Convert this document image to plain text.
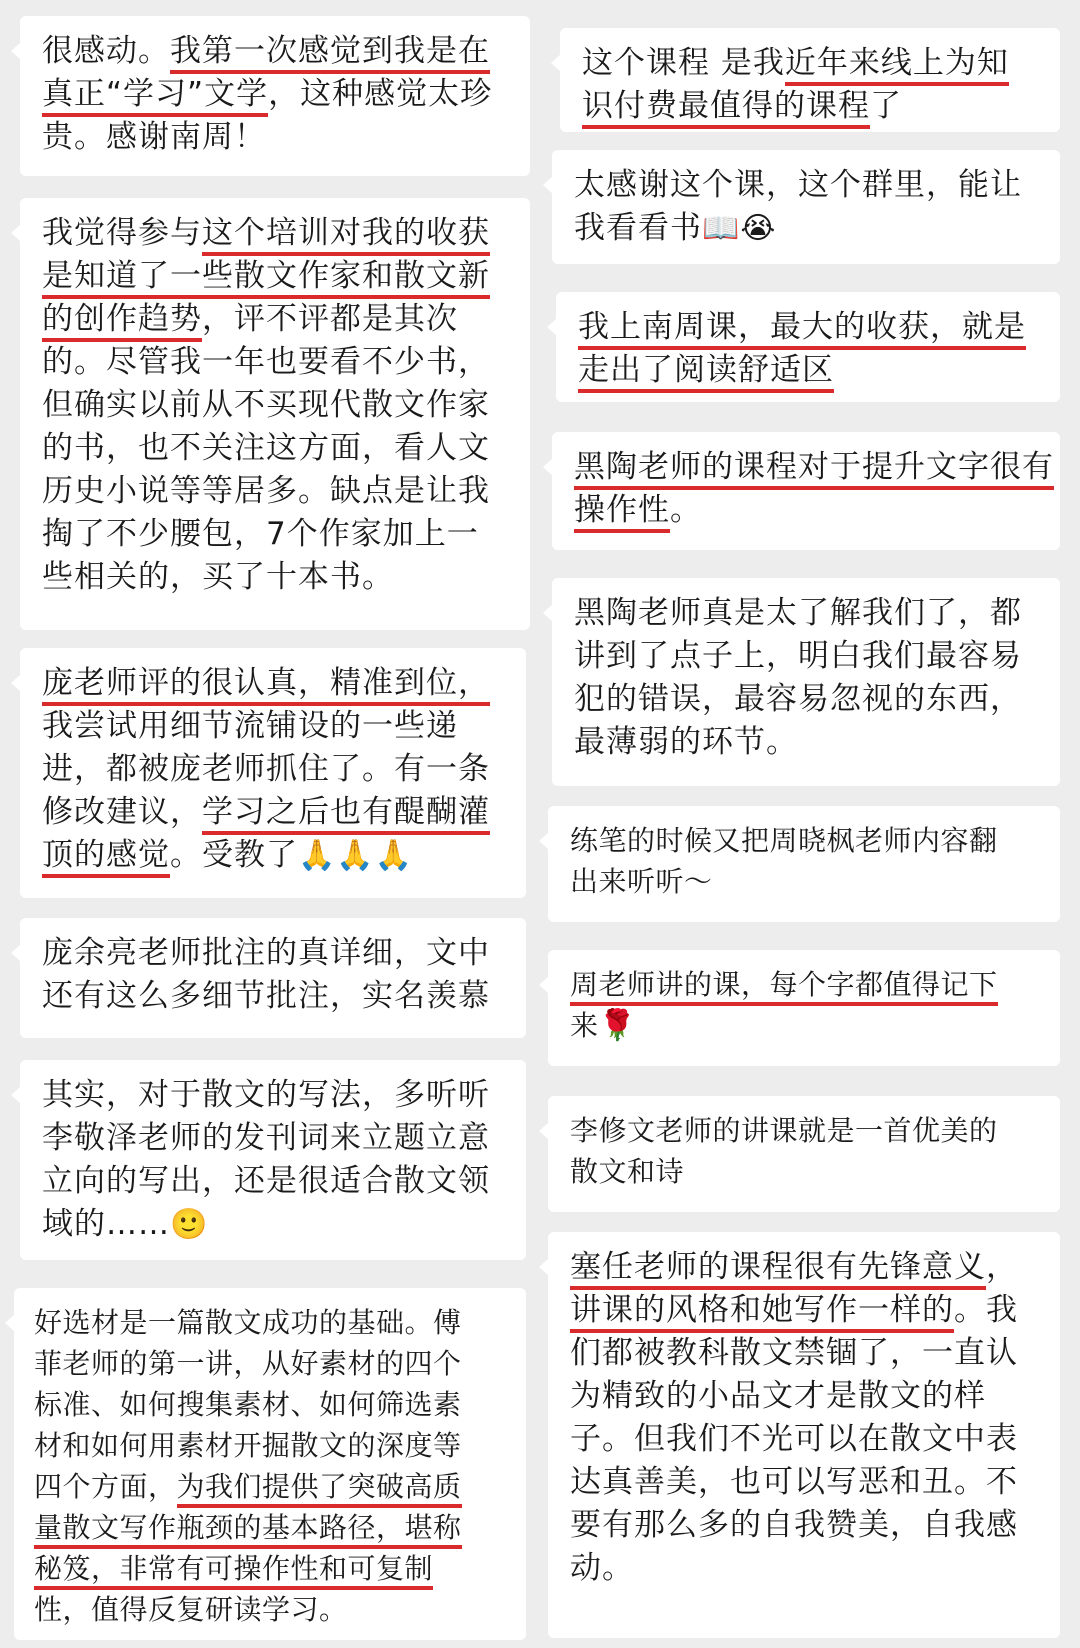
很感动。我第一次感觉到我是在
真正“学习”文学，这种感觉太珍
贵。感谢南周！
我觉得参与这个培训对我的收获
是知道了一些散文作家和散文新
的创作趋势，评不评都是其次
的。尽管我一年也要看不少书，
但确实以前从不买现代散文作家
的书，也不关注这方面，看人文
历史小说等等居多。缺点是让我
掏了不少腰包，7个作家加上一
些相关的，买了十本书。
庞老师评的很认真，精准到位，
我尝试用细节流铺设的一些递
进，都被庞老师抓住了。有一条
修改建议，学习之后也有醍醐灌
顶的感觉。受教了🙏🙏🙏
庞余亮老师批注的真详细，文中
还有这么多细节批注，实名羡慕
其实，对于散文的写法，多听听
李敬泽老师的发刊词来立题立意
立向的写出，还是很适合散文领
域的……🙂
好选材是一篇散文成功的基础。傅
菲老师的第一讲，从好素材的四个
标准、如何搜集素材、如何筛选素
材和如何用素材开掘散文的深度等
四个方面，为我们提供了突破高质
量散文写作瓶颈的基本路径，堪称
秘笈，非常有可操作性和可复制
性，值得反复研读学习。
这个课程 是我近年来线上为知
识付费最值得的课程了
太感谢这个课，这个群里，能让
我看看书📖😭
我上南周课，最大的收获，就是
走出了阅读舒适区
黑陶老师的课程对于提升文字很有
操作性。
黑陶老师真是太了解我们了，都
讲到了点子上，明白我们最容易
犯的错误，最容易忽视的东西，
最薄弱的环节。
练笔的时候又把周晓枫老师内容翻
出来听听～
周老师讲的课，每个字都值得记下
来🌹
李修文老师的讲课就是一首优美的
散文和诗
塞任老师的课程很有先锋意义，
讲课的风格和她写作一样的。我
们都被教科散文禁锢了，一直认
为精致的小品文才是散文的样
子。但我们不光可以在散文中表
达真善美，也可以写恶和丑。不
要有那么多的自我赞美，自我感
动。
